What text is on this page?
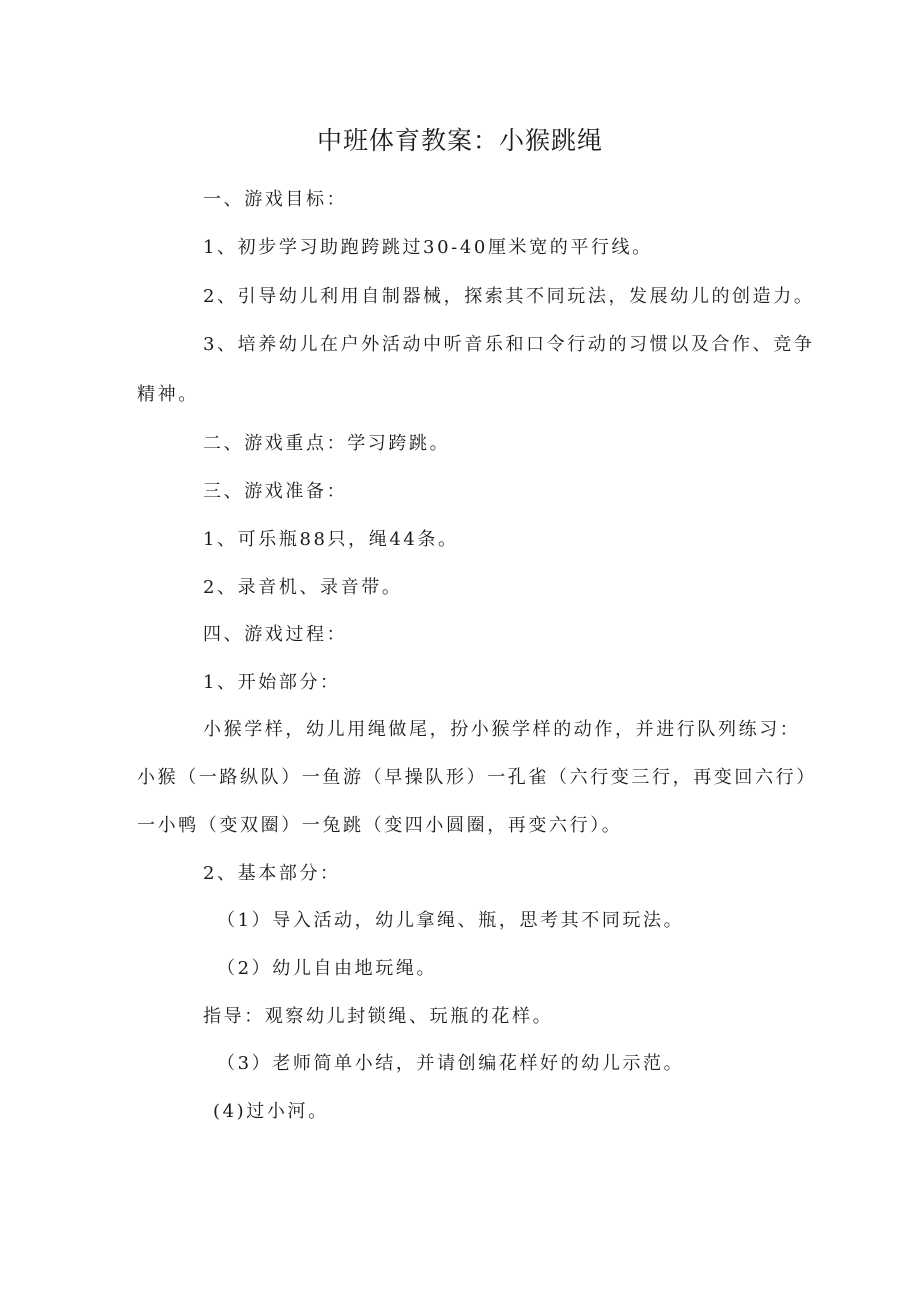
中班体育教案：小猴跳绳
一、游戏目标：
1、初步学习助跑跨跳过30-40厘米宽的平行线。
2、引导幼儿利用自制器械，探索其不同玩法，发展幼儿的创造力。
3、培养幼儿在户外活动中听音乐和口令行动的习惯以及合作、竞争
精神。
二、游戏重点：学习跨跳。
三、游戏准备：
1、可乐瓶88只，绳44条。
2、录音机、录音带。
四、游戏过程：
1、开始部分：
小猴学样，幼儿用绳做尾，扮小猴学样的动作，并进行队列练习：
小猴（一路纵队）一鱼游（早操队形）一孔雀（六行变三行，再变回六行）
一小鸭（变双圈）一兔跳（变四小圆圈，再变六行）。
2、基本部分：
（1）导入活动，幼儿拿绳、瓶，思考其不同玩法。
（2）幼儿自由地玩绳。
指导：观察幼儿封锁绳、玩瓶的花样。
（3）老师简单小结，并请创编花样好的幼儿示范。
(4)过小河。
